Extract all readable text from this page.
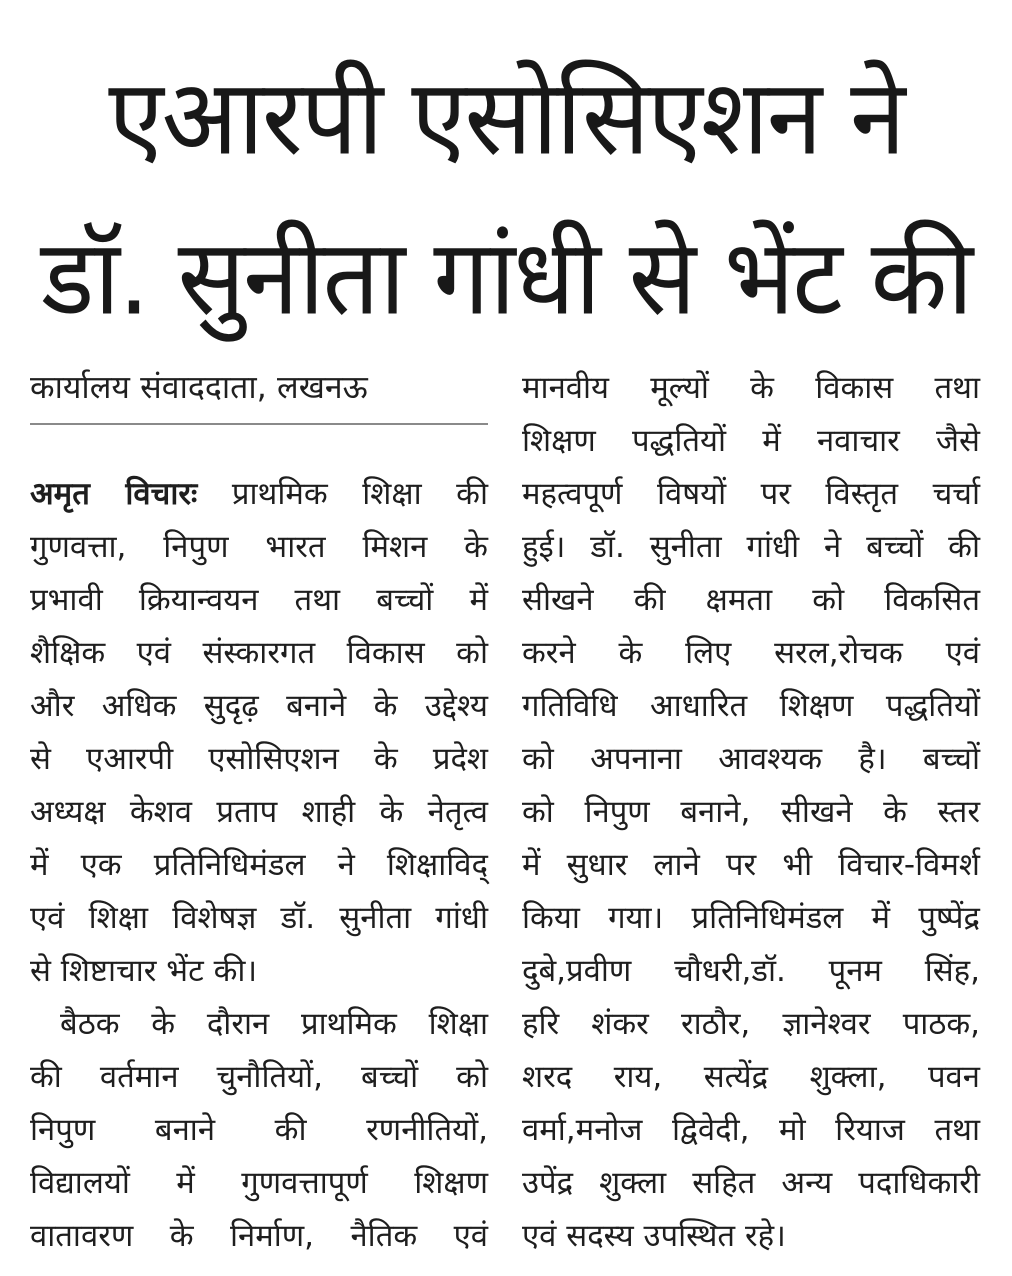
एआरपी एसोसिएशन ने
डॉ. सुनीता गांधी से भेंट की
कार्यालय संवाददाता, लखनऊ
अमृत विचारः प्राथमिक शिक्षा की
गुणवत्ता, निपुण भारत मिशन के
प्रभावी क्रियान्वयन तथा बच्चों में
शैक्षिक एवं संस्कारगत विकास को
और अधिक सुदृढ़ बनाने के उद्देश्य
से एआरपी एसोसिएशन के प्रदेश
अध्यक्ष केशव प्रताप शाही के नेतृत्व
में एक प्रतिनिधिमंडल ने शिक्षाविद्
एवं शिक्षा विशेषज्ञ डॉ. सुनीता गांधी
से शिष्टाचार भेंट की।
बैठक के दौरान प्राथमिक शिक्षा
की वर्तमान चुनौतियों, बच्चों को
निपुण बनाने की रणनीतियों,
विद्यालयों में गुणवत्तापूर्ण शिक्षण
वातावरण के निर्माण, नैतिक एवं
मानवीय मूल्यों के विकास तथा
शिक्षण पद्धतियों में नवाचार जैसे
महत्वपूर्ण विषयों पर विस्तृत चर्चा
हुई। डॉ. सुनीता गांधी ने बच्चों की
सीखने की क्षमता को विकसित
करने के लिए सरल,रोचक एवं
गतिविधि आधारित शिक्षण पद्धतियों
को अपनाना आवश्यक है। बच्चों
को निपुण बनाने, सीखने के स्तर
में सुधार लाने पर भी विचार-विमर्श
किया गया। प्रतिनिधिमंडल में पुष्पेंद्र
दुबे,प्रवीण चौधरी,डॉ. पूनम सिंह,
हरि शंकर राठौर, ज्ञानेश्वर पाठक,
शरद राय, सत्येंद्र शुक्ला, पवन
वर्मा,मनोज द्विवेदी, मो रियाज तथा
उपेंद्र शुक्ला सहित अन्य पदाधिकारी
एवं सदस्य उपस्थित रहे।
